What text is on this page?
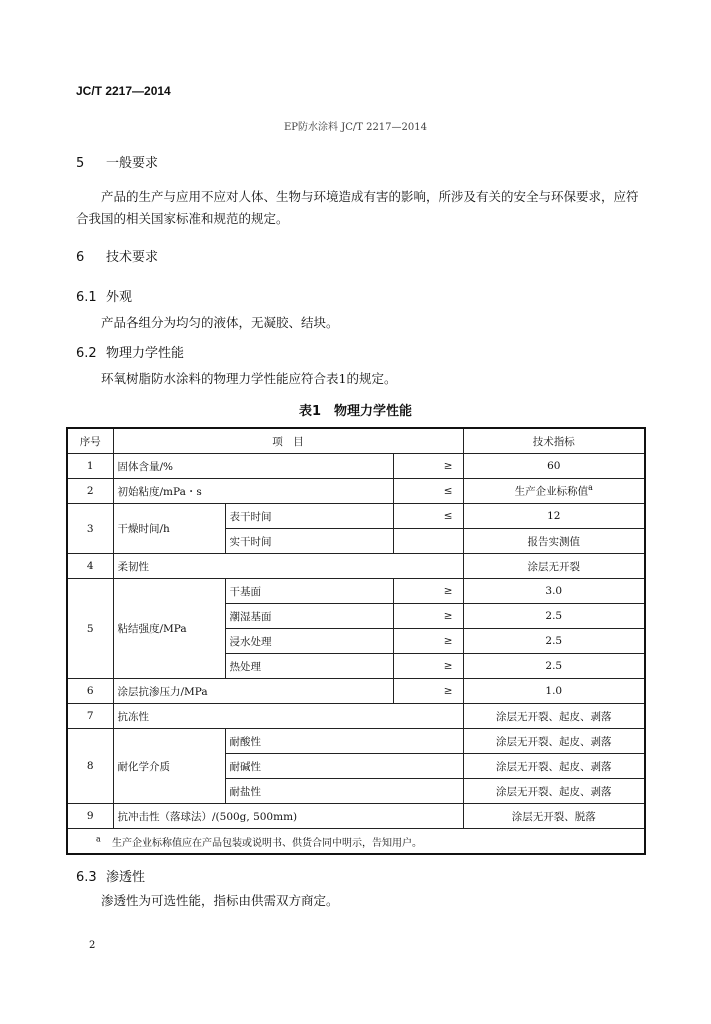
JC/T 2217—2014
EP防水涂料 JC/T 2217—2014
5 一般要求
产品的生产与应用不应对人体、生物与环境造成有害的影响，所涉及有关的安全与环保要求，应符合我国的相关国家标准和规范的规定。
6 技术要求
6.1 外观
产品各组分为均匀的液体，无凝胶、结块。
6.2 物理力学性能
环氧树脂防水涂料的物理力学性能应符合表1的规定。
表1　物理力学性能
序号	项　目			技术指标
1	固体含量/%		≥	60
2	初始粘度/mPa・s		≤	生产企业标称值$^a$
3	干燥时间/h	表干时间	≤	12
		实干时间		报告实测值
4	柔韧性			涂层无开裂
5	粘结强度/MPa	干基面	≥	3.0
		潮湿基面	≥	2.5
		浸水处理	≥	2.5
		热处理	≥	2.5
6	涂层抗渗压力/MPa		≥	1.0
7	抗冻性			涂层无开裂、起皮、剥落
8	耐化学介质	耐酸性		涂层无开裂、起皮、剥落
		耐碱性		涂层无开裂、起皮、剥落
		耐盐性		涂层无开裂、起皮、剥落
9	抗冲击性（落球法）/(500g, 500mm)			涂层无开裂、脱落
$^a$ 生产企业标称值应在产品包装或说明书、供货合同中明示，告知用户。				
6.3 渗透性
渗透性为可选性能，指标由供需双方商定。
2
